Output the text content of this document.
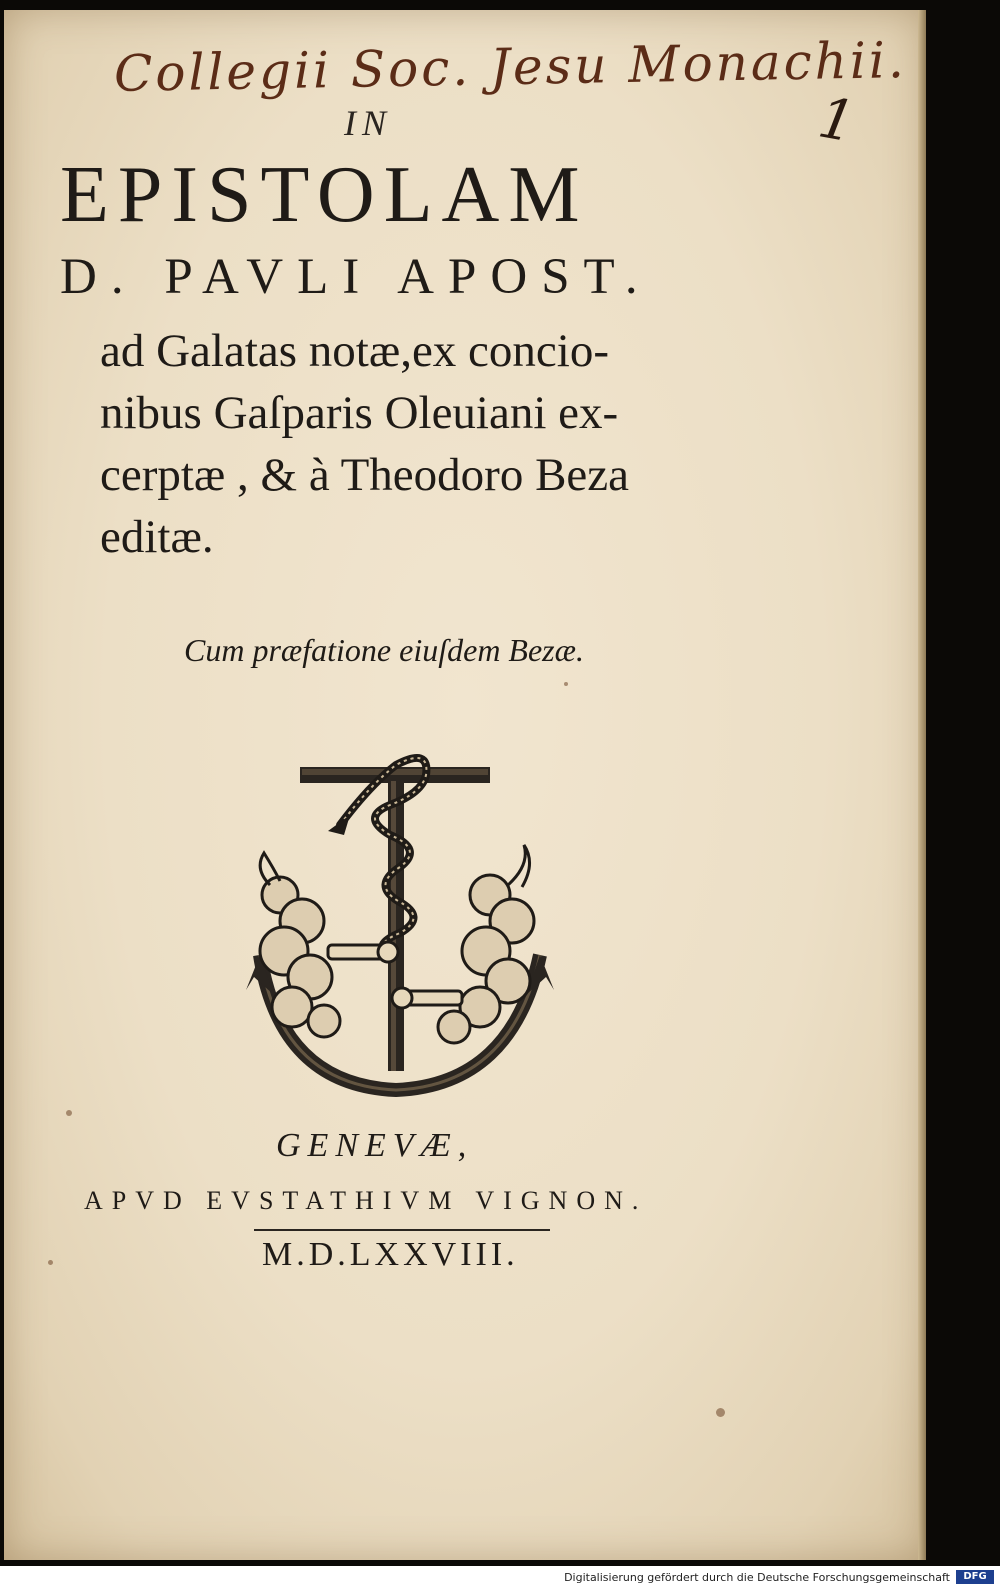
Collegii Soc. Jesu Monachii.
1
IN
EPISTOLAM
D. PAVLI APOST.
ad Galatas notæ,ex concio-
nibus Gaſparis Oleuiani ex-
cerptæ , & à Theodoro Beza
editæ.
Cum præfatione eiuſdem Bezæ.
GENEVÆ,
APVD EVSTATHIVM VIGNON.
M.D.LXXVIII.
Digitalisierung gefördert durch die Deutsche Forschungsgemeinschaft	DFG
